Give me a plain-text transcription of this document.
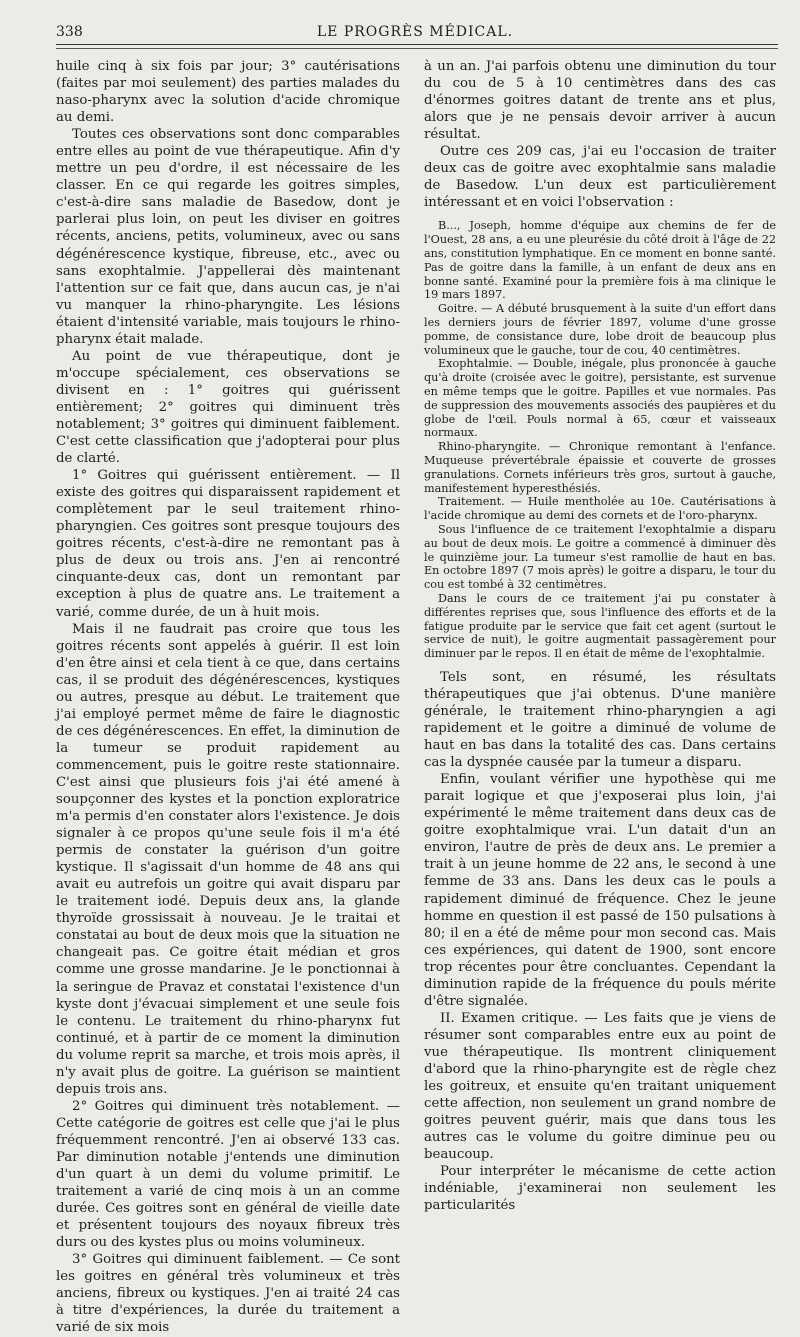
338	LE PROGRÈS MÉDICAL.

huile cinq à six fois par jour; 3° cautérisations (faites par moi seulement) des parties malades du naso-pharynx avec la solution d'acide chromique au demi.

Toutes ces observations sont donc comparables entre elles au point de vue thérapeutique. Afin d'y mettre un peu d'ordre, il est nécessaire de les classer. En ce qui regarde les goitres simples, c'est-à-dire sans maladie de Basedow, dont je parlerai plus loin, on peut les diviser en goitres récents, anciens, petits, volumineux, avec ou sans dégénérescence kystique, fibreuse, etc., avec ou sans exophtalmie. J'appellerai dès maintenant l'attention sur ce fait que, dans aucun cas, je n'ai vu manquer la rhino-pharyngite. Les lésions étaient d'intensité variable, mais toujours le rhino-pharynx était malade.

Au point de vue thérapeutique, dont je m'occupe spécialement, ces observations se divisent en : 1° goitres qui guérissent entièrement; 2° goitres qui diminuent très notablement; 3° goitres qui diminuent faiblement. C'est cette classification que j'adopterai pour plus de clarté.

1° Goitres qui guérissent entièrement. — Il existe des goitres qui disparaissent rapidement et complètement par le seul traitement rhino-pharyngien. Ces goitres sont presque toujours des goitres récents, c'est-à-dire ne remontant pas à plus de deux ou trois ans. J'en ai rencontré cinquante-deux cas, dont un remontant par exception à plus de quatre ans. Le traitement a varié, comme durée, de un à huit mois.

Mais il ne faudrait pas croire que tous les goitres récents sont appelés à guérir. Il est loin d'en être ainsi et cela tient à ce que, dans certains cas, il se produit des dégénérescences, kystiques ou autres, presque au début. Le traitement que j'ai employé permet même de faire le diagnostic de ces dégénérescences. En effet, la diminution de la tumeur se produit rapidement au commencement, puis le goitre reste stationnaire. C'est ainsi que plusieurs fois j'ai été amené à soupçonner des kystes et la ponction exploratrice m'a permis d'en constater alors l'existence. Je dois signaler à ce propos qu'une seule fois il m'a été permis de constater la guérison d'un goitre kystique. Il s'agissait d'un homme de 48 ans qui avait eu autrefois un goitre qui avait disparu par le traitement iodé. Depuis deux ans, la glande thyroïde grossissait à nouveau. Je le traitai et constatai au bout de deux mois que la situation ne changeait pas. Ce goitre était médian et gros comme une grosse mandarine. Je le ponctionnai à la seringue de Pravaz et constatai l'existence d'un kyste dont j'évacuai simplement et une seule fois le contenu. Le traitement du rhino-pharynx fut continué, et à partir de ce moment la diminution du volume reprit sa marche, et trois mois après, il n'y avait plus de goitre. La guérison se maintient depuis trois ans.

2° Goitres qui diminuent très notablement. — Cette catégorie de goitres est celle que j'ai le plus fréquemment rencontré. J'en ai observé 133 cas. Par diminution notable j'entends une diminution d'un quart à un demi du volume primitif. Le traitement a varié de cinq mois à un an comme durée. Ces goitres sont en général de vieille date et présentent toujours des noyaux fibreux très durs ou des kystes plus ou moins volumineux.

3° Goitres qui diminuent faiblement. — Ce sont les goitres en général très volumineux et très anciens, fibreux ou kystiques. J'en ai traité 24 cas à titre d'expériences, la durée du traitement a varié de six mois

à un an. J'ai parfois obtenu une diminution du tour du cou de 5 à 10 centimètres dans des cas d'énormes goitres datant de trente ans et plus, alors que je ne pensais devoir arriver à aucun résultat.

Outre ces 209 cas, j'ai eu l'occasion de traiter deux cas de goitre avec exophtalmie sans maladie de Basedow. L'un deux est particulièrement intéressant et en voici l'observation :

B..., Joseph, homme d'équipe aux chemins de fer de l'Ouest, 28 ans, a eu une pleurésie du côté droit à l'âge de 22 ans, constitution lymphatique. En ce moment en bonne santé. Pas de goitre dans la famille, à un enfant de deux ans en bonne santé. Examiné pour la première fois à ma clinique le 19 mars 1897.

Goitre. — A débuté brusquement à la suite d'un effort dans les derniers jours de février 1897, volume d'une grosse pomme, de consistance dure, lobe droit de beaucoup plus volumineux que le gauche, tour de cou, 40 centimètres.

Exophtalmie. — Double, inégale, plus prononcée à gauche qu'à droite (croisée avec le goitre), persistante, est survenue en même temps que le goitre. Papilles et vue normales. Pas de suppression des mouvements associés des paupières et du globe de l'œil. Pouls normal à 65, cœur et vaisseaux normaux.

Rhino-pharyngite. — Chronique remontant à l'enfance. Muqueuse prévertébrale épaissie et couverte de grosses granulations. Cornets inférieurs très gros, surtout à gauche, manifestement hyperesthésiés.

Traitement. — Huile mentholée au 10e. Cautérisations à l'acide chromique au demi des cornets et de l'oro-pharynx.

Sous l'influence de ce traitement l'exophtalmie a disparu au bout de deux mois. Le goitre a commencé à diminuer dès le quinzième jour. La tumeur s'est ramollie de haut en bas. En octobre 1897 (7 mois après) le goitre a disparu, le tour du cou est tombé à 32 centimètres.

Dans le cours de ce traitement j'ai pu constater à différentes reprises que, sous l'influence des efforts et de la fatigue produite par le service que fait cet agent (surtout le service de nuit), le goitre augmentait passagèrement pour diminuer par le repos. Il en était de même de l'exophtalmie.

Tels sont, en résumé, les résultats thérapeutiques que j'ai obtenus. D'une manière générale, le traitement rhino-pharyngien a agi rapidement et le goitre a diminué de volume de haut en bas dans la totalité des cas. Dans certains cas la dyspnée causée par la tumeur a disparu.

Enfin, voulant vérifier une hypothèse qui me parait logique et que j'exposerai plus loin, j'ai expérimenté le même traitement dans deux cas de goitre exophtalmique vrai. L'un datait d'un an environ, l'autre de près de deux ans. Le premier a trait à un jeune homme de 22 ans, le second à une femme de 33 ans. Dans les deux cas le pouls a rapidement diminué de fréquence. Chez le jeune homme en question il est passé de 150 pulsations à 80; il en a été de même pour mon second cas. Mais ces expériences, qui datent de 1900, sont encore trop récentes pour être concluantes. Cependant la diminution rapide de la fréquence du pouls mérite d'être signalée.

II. Examen critique. — Les faits que je viens de résumer sont comparables entre eux au point de vue thérapeutique. Ils montrent cliniquement d'abord que la rhino-pharyngite est de règle chez les goitreux, et ensuite qu'en traitant uniquement cette affection, non seulement un grand nombre de goitres peuvent guérir, mais que dans tous les autres cas le volume du goitre diminue peu ou beaucoup.

Pour interpréter le mécanisme de cette action indéniable, j'examinerai non seulement les particularités
